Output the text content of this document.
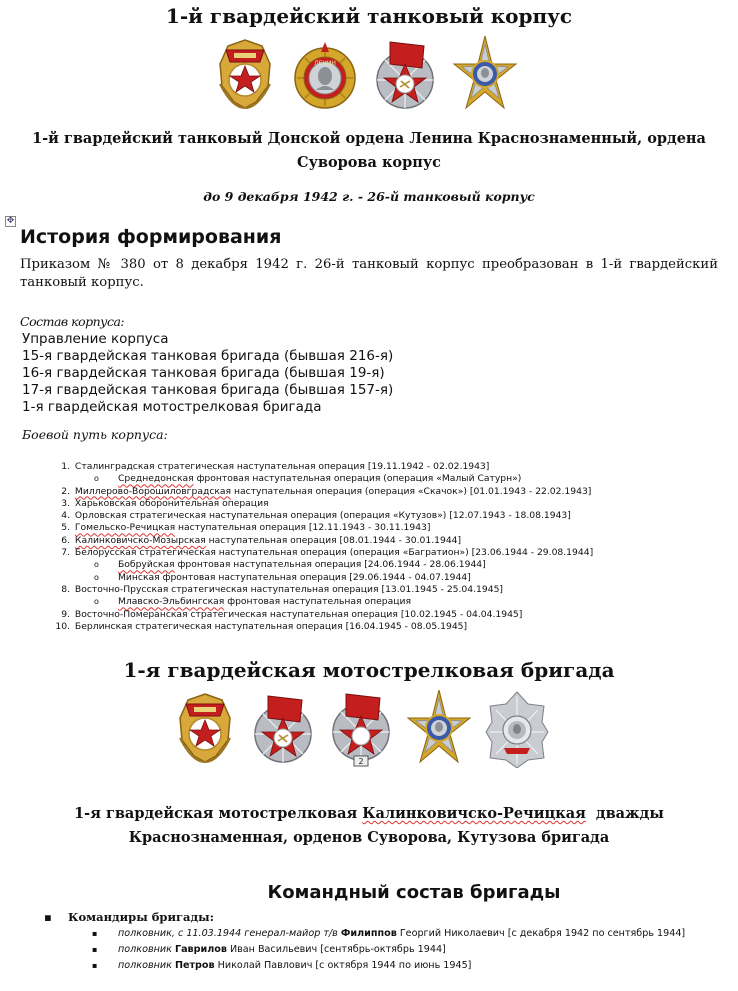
1-й гвардейский танковый корпус
ЛЕНИН

1-й гвардейский танковый Донской ордена Ленина Краснознаменный, ордена
Суворова корпус

до 9 декабря 1942 г. - 26-й танковый корпус

✥
История формирования

Приказом № 380 от 8 декабря 1942 г. 26-й танковый корпус преобразован в 1-й гвардейский танковый корпус.

Состав корпуса:

Управление корпуса
15-я гвардейская танковая бригада (бывшая 216-я)
16-я гвардейская танковая бригада (бывшая 19-я)
17-я гвардейская танковая бригада (бывшая 157-я)
1-я гвардейская мотострелковая бригада

Боевой путь корпуса:

1. Сталинградская стратегическая наступательная операция [19.11.1942 - 02.02.1943]
o Среднедонская фронтовая наступательная операция (операция «Малый Сатурн»)
2. Миллерово-Ворошиловградская наступательная операция (операция «Скачок») [01.01.1943 - 22.02.1943]
3. Харьковская оборонительная операция
4. Орловская стратегическая наступательная операция (операция «Кутузов») [12.07.1943 - 18.08.1943]
5. Гомельско-Речицкая наступательная операция [12.11.1943 - 30.11.1943]
6. Калинковичско-Мозырская наступательная операция [08.01.1944 - 30.01.1944]
7. Белорусская стратегическая наступательная операция (операция «Багратион») [23.06.1944 - 29.08.1944]
o Бобруйская фронтовая наступательная операция [24.06.1944 - 28.06.1944]
o Минская фронтовая наступательная операция [29.06.1944 - 04.07.1944]
8. Восточно-Прусская стратегическая наступательная операция [13.01.1945 - 25.04.1945]
o Млавско-Эльбингская фронтовая наступательная операция
9. Восточно-Померанская стратегическая наступательная операция [10.02.1945 - 04.04.1945]
10. Берлинская стратегическая наступательная операция [16.04.1945 - 08.05.1945]
1-я гвардейская мотострелковая бригада
2

1-я гвардейская мотострелковая Калинковичско-Речицкая  дважды
Краснознаменная, орденов Суворова, Кутузова бригада

Командный состав бригады

▪ Командиры бригады:

▪ полковник, с 11.03.1944 генерал-майор т/в Филиппов Георгий Николаевич [с декабря 1942 по сентябрь 1944]
▪ полковник Гаврилов Иван Васильевич [сентябрь-октябрь 1944]
▪ полковник Петров Николай Павлович [с октября 1944 по июнь 1945]
